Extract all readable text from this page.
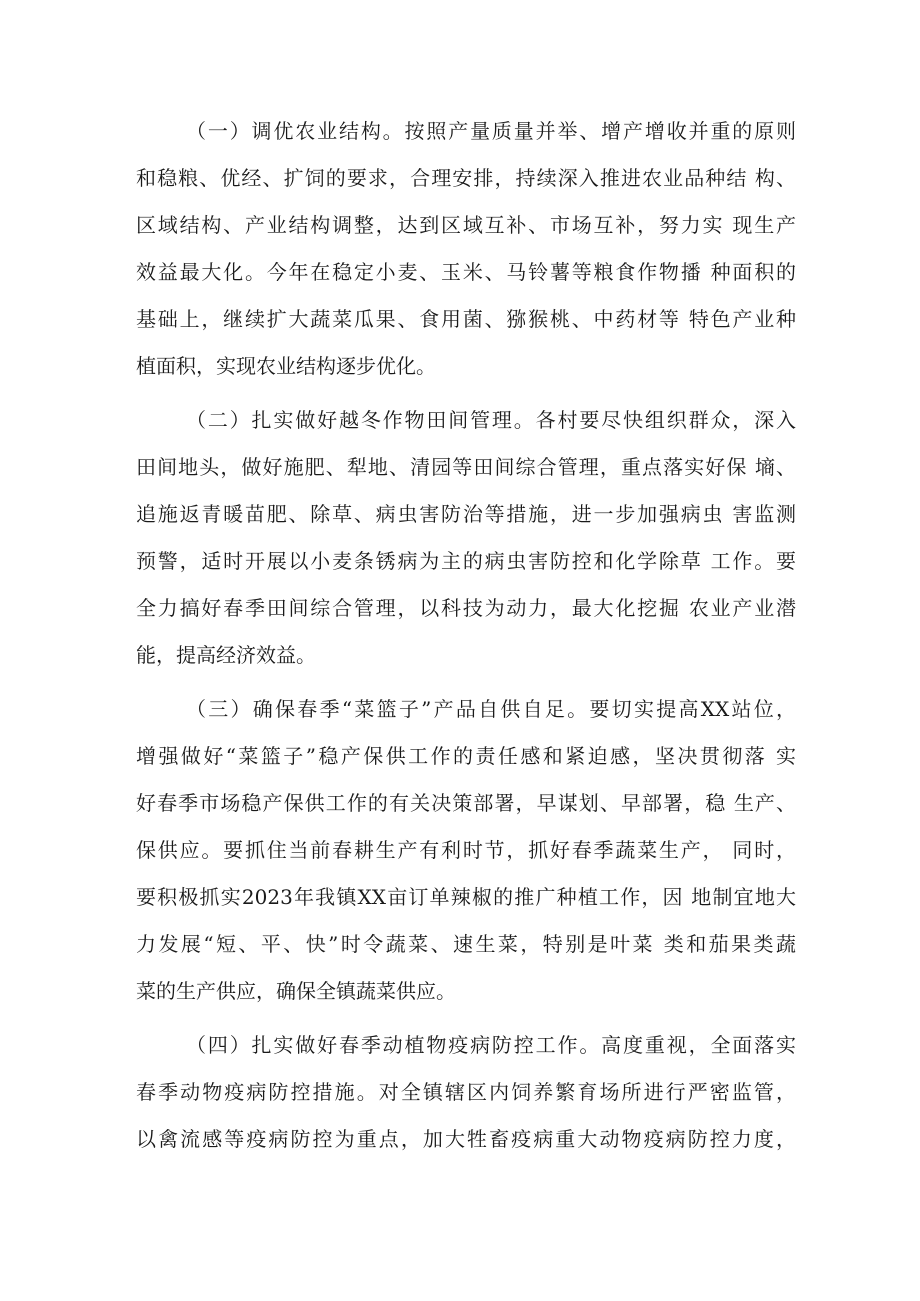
（一）调优农业结构。按照产量质量并举、增产增收并重的原则
和稳粮、优经、扩饲的要求，合理安排，持续深入推进农业品种结 构、
区域结构、产业结构调整，达到区域互补、市场互补，努力实 现生产
效益最大化。今年在稳定小麦、玉米、马铃薯等粮食作物播 种面积的
基础上，继续扩大蔬菜瓜果、食用菌、猕猴桃、中药材等 特色产业种
植面积，实现农业结构逐步优化。
（二）扎实做好越冬作物田间管理。各村要尽快组织群众，深入
田间地头，做好施肥、犁地、清园等田间综合管理，重点落实好保 墒、
追施返青暖苗肥、除草、病虫害防治等措施，进一步加强病虫 害监测
预警，适时开展以小麦条锈病为主的病虫害防控和化学除草 工作。要
全力搞好春季田间综合管理，以科技为动力，最大化挖掘 农业产业潜
能，提高经济效益。
（三）确保春季“菜篮子”产品自供自足。要切实提高XX站位，
增强做好“菜篮子”稳产保供工作的责任感和紧迫感，坚决贯彻落 实
好春季市场稳产保供工作的有关决策部署，早谋划、早部署，稳 生产、
保供应。要抓住当前春耕生产有利时节，抓好春季蔬菜生产， 同时，
要积极抓实2023年我镇XX亩订单辣椒的推广种植工作，因 地制宜地大
力发展“短、平、快”时令蔬菜、速生菜，特别是叶菜 类和茄果类蔬
菜的生产供应，确保全镇蔬菜供应。
（四）扎实做好春季动植物疫病防控工作。高度重视，全面落实
春季动物疫病防控措施。对全镇辖区内饲养繁育场所进行严密监管，
以禽流感等疫病防控为重点，加大牲畜疫病重大动物疫病防控力度，
